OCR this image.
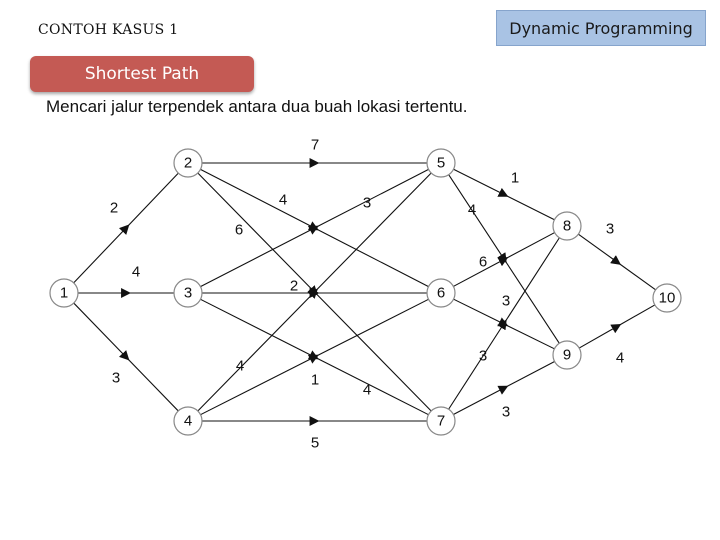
CONTOH KASUS 1	Dynamic Programming
Shortest Path
Mencari jalur terpendek antara dua buah lokasi tertentu.
2
4
3
7
4
6
3
2
4
4
1
5
1
4
6
3
3
3
3
4
1
2
3
4
5
6
7
8
9
10
